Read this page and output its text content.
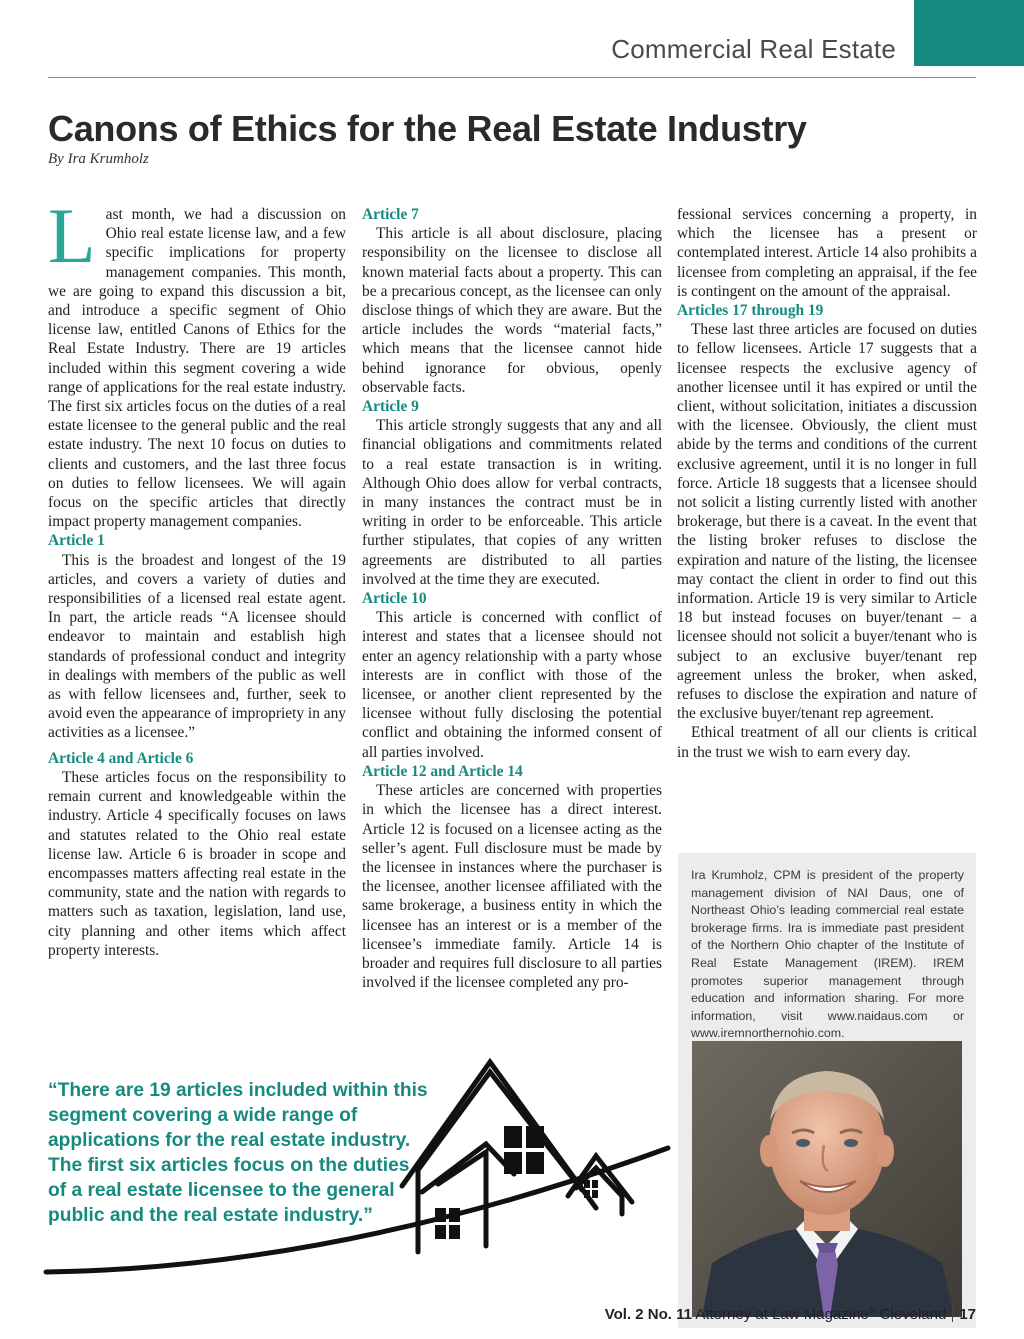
Commercial Real Estate
Canons of Ethics for the Real Estate Industry
By Ira Krumholz

Last month, we had a discussion on Ohio real estate license law, and a few specific implications for property management companies. This month, we are going to expand this discussion a bit, and introduce a specific segment of Ohio license law, entitled Canons of Ethics for the Real Estate Industry. There are 19 articles included within this segment covering a wide range of applications for the real estate industry. The first six articles focus on the duties of a real estate licensee to the general public and the real estate industry. The next 10 focus on duties to clients and customers, and the last three focus on duties to fellow licensees. We will again focus on the specific articles that directly impact property management companies.

Article 1

This is the broadest and longest of the 19 articles, and covers a variety of duties and responsibilities of a licensed real estate agent. In part, the article reads “A licensee should endeavor to maintain and establish high standards of professional conduct and integrity in dealings with members of the public as well as with fellow licensees and, further, seek to avoid even the appearance of impropriety in any activities as a licensee.”

Article 4 and Article 6

These articles focus on the responsibility to remain current and knowledgeable within the industry. Article 4 specifically focuses on laws and statutes related to the Ohio real estate license law. Article 6 is broader in scope and encompasses matters affecting real estate in the community, state and the nation with regards to matters such as taxation, legislation, land use, city planning and other items which affect property interests.

Article 7

This article is all about disclosure, placing responsibility on the licensee to disclose all known material facts about a property. This can be a precarious concept, as the licensee can only disclose things of which they are aware. But the article includes the words “material facts,” which means that the licensee cannot hide behind ignorance for obvious, openly observable facts.

Article 9

This article strongly suggests that any and all financial obligations and commitments related to a real estate transaction is in writing. Although Ohio does allow for verbal contracts, in many instances the contract must be in writing in order to be enforceable. This article further stipulates, that copies of any written agreements are distributed to all parties involved at the time they are executed.

Article 10

This article is concerned with conflict of interest and states that a licensee should not enter an agency relationship with a party whose interests are in conflict with those of the licensee, or another client represented by the licensee without fully disclosing the potential conflict and obtaining the informed consent of all parties involved.

Article 12 and Article 14

These articles are concerned with properties in which the licensee has a direct interest. Article 12 is focused on a licensee acting as the seller’s agent. Full disclosure must be made by the licensee in instances where the purchaser is the licensee, another licensee affiliated with the same brokerage, a business entity in which the licensee has an interest or is a member of the licensee’s immediate family. Article 14 is broader and requires full disclosure to all parties involved if the licensee completed any pro-

fessional services concerning a property, in which the licensee has a present or contemplated interest. Article 14 also prohibits a licensee from completing an appraisal, if the fee is contingent on the amount of the appraisal.

Articles 17 through 19

These last three articles are focused on duties to fellow licensees. Article 17 suggests that a licensee respects the exclusive agency of another licensee until it has expired or until the client, without solicitation, initiates a discussion with the licensee. Obviously, the client must abide by the terms and conditions of the current exclusive agreement, until it is no longer in full force. Article 18 suggests that a licensee should not solicit a listing currently listed with another brokerage, but there is a caveat. In the event that the listing broker refuses to disclose the expiration and nature of the listing, the licensee may contact the client in order to find out this information. Article 19 is very similar to Article 18 but instead focuses on buyer/tenant – a licensee should not solicit a buyer/tenant who is subject to an exclusive buyer/tenant rep agreement unless the broker, when asked, refuses to disclose the expiration and nature of the exclusive buyer/tenant rep agreement.

Ethical treatment of all our clients is critical in the trust we wish to earn every day.

Ira Krumholz, CPM is president of the property management division of NAI Daus, one of Northeast Ohio’s leading commercial real estate brokerage firms. Ira is immediate past president of the Northern Ohio chapter of the Institute of Real Estate Management (IREM). IREM promotes superior management through education and information sharing. For more information, visit www.naidaus.com or www.iremnorthernohio.com.

“There are 19 articles included within this segment covering a wide range of applications for the real estate industry. The first six articles focus on the duties of a real estate licensee to the general public and the real estate industry.”

Vol. 2 No. 11 Attorney at Law Magazine® Cleveland 17
